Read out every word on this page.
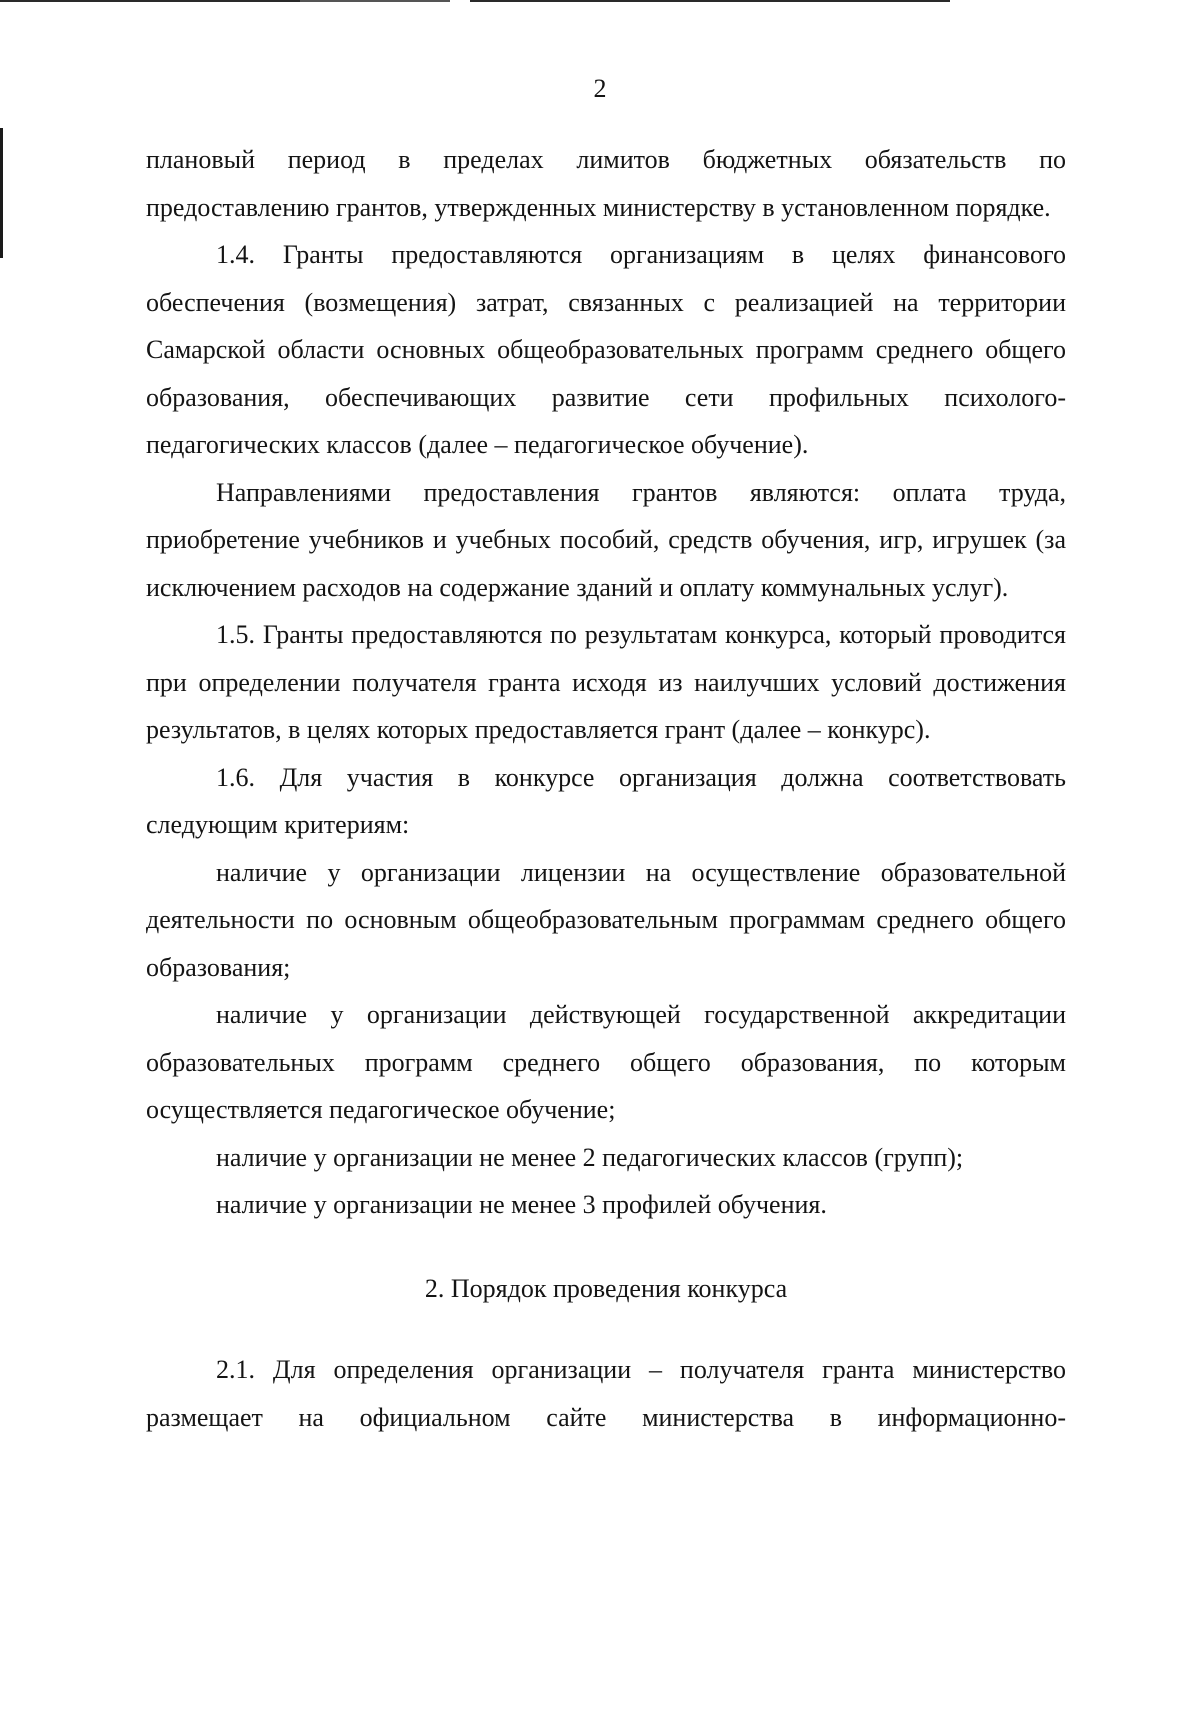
2

плановый период в пределах лимитов бюджетных обязательств по предоставлению грантов, утвержденных министерству в установленном порядке.

1.4. Гранты предоставляются организациям в целях финансового обеспечения (возмещения) затрат, связанных с реализацией на территории Самарской области основных общеобразовательных программ среднего общего образования, обеспечивающих развитие сети профильных психолого-педагогических классов (далее – педагогическое обучение).

Направлениями предоставления грантов являются: оплата труда, приобретение учебников и учебных пособий, средств обучения, игр, игрушек (за исключением расходов на содержание зданий и оплату коммунальных услуг).

1.5. Гранты предоставляются по результатам конкурса, который проводится при определении получателя гранта исходя из наилучших условий достижения результатов, в целях которых предоставляется грант (далее – конкурс).

1.6. Для участия в конкурсе организация должна соответствовать следующим критериям:

наличие у организации лицензии на осуществление образовательной деятельности по основным общеобразовательным программам среднего общего образования;

наличие у организации действующей государственной аккредитации образовательных программ среднего общего образования, по которым осуществляется педагогическое обучение;

наличие у организации не менее 2 педагогических классов (групп);

наличие у организации не менее 3 профилей обучения.

2. Порядок проведения конкурса

2.1. Для определения организации – получателя гранта министерство размещает на официальном сайте министерства в информационно-
